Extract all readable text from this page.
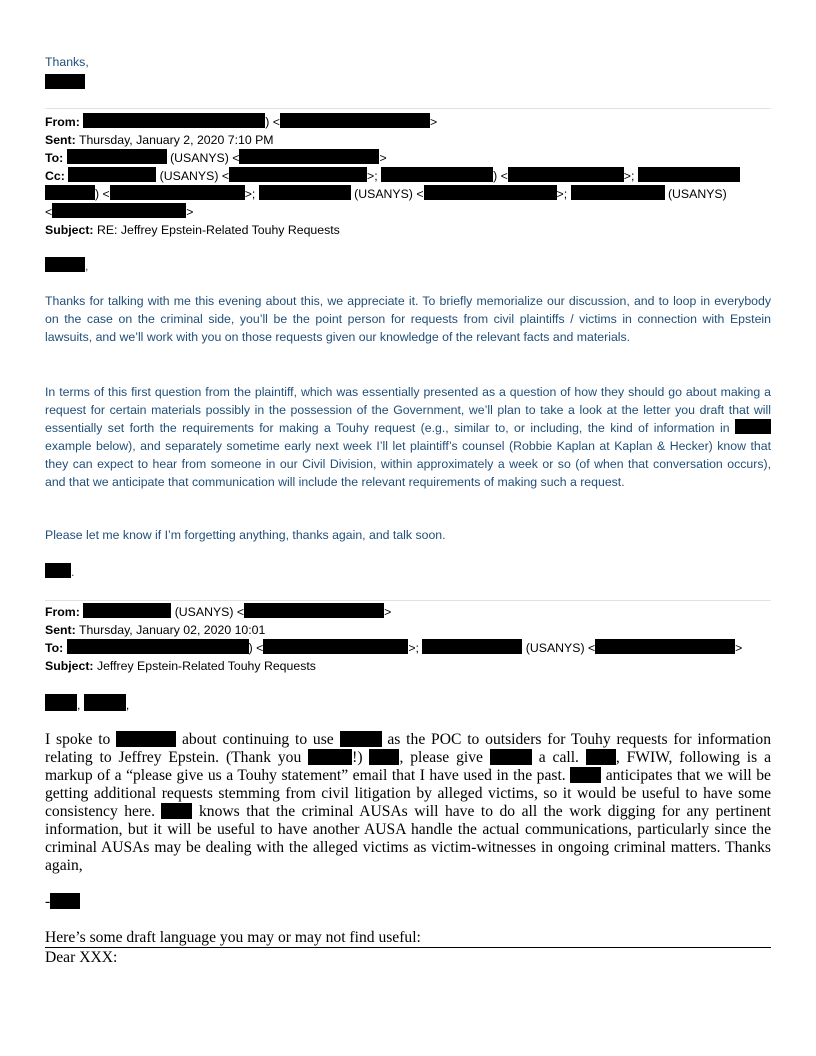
Thanks,
From:	) <	>
Sent: Thursday, January 2, 2020 7:10 PM
To:	(USANYS) <	>
Cc:	(USANYS) <	>;	) <	>;
) <	>;	(USANYS) <	>;	(USANYS)
<	>
Subject: RE: Jeffrey Epstein-Related Touhy Requests
,

Thanks for talking with me this evening about this, we appreciate it. To briefly memorialize our discussion, and to loop in everybody on the case on the criminal side, you’ll be the point person for requests from civil plaintiffs / victims in connection with Epstein lawsuits, and we’ll work with you on those requests given our knowledge of the relevant facts and materials.

In terms of this first question from the plaintiff, which was essentially presented as a question of how they should go about making a request for certain materials possibly in the possession of the Government, we’ll plan to take a look at the letter you draft that will essentially set forth the requirements for making a Touhy request (e.g., similar to, or including, the kind of information in  example below), and separately sometime early next week I’ll let plaintiff’s counsel (Robbie Kaplan at Kaplan & Hecker) know that they can expect to hear from someone in our Civil Division, within approximately a week or so (of when that conversation occurs), and that we anticipate that communication will include the relevant requirements of making such a request.

Please let me know if I’m forgetting anything, thanks again, and talk soon.

.
From:	(USANYS) <	>
Sent: Thursday, January 02, 2020 10:01
To:	) <	>;	(USANYS) <	>
Subject: Jeffrey Epstein-Related Touhy Requests
,	,

I spoke to	about continuing to use	as the POC to outsiders for Touhy requests for information relating to Jeffrey Epstein. (Thank you	!) , please give	a call. , FWIW, following is a markup of a “please give us a Touhy statement” email that I have used in the past.	anticipates that we will be getting additional requests stemming from civil litigation by alleged victims, so it would be useful to have some consistency here.	knows that the criminal AUSAs will have to do all the work digging for any pertinent information, but it will be useful to have another AUSA handle the actual communications, particularly since the criminal AUSAs may be dealing with the alleged victims as victim-witnesses in ongoing criminal matters. Thanks again,

-
Here’s some draft language you may or may not find useful:
Dear XXX:
